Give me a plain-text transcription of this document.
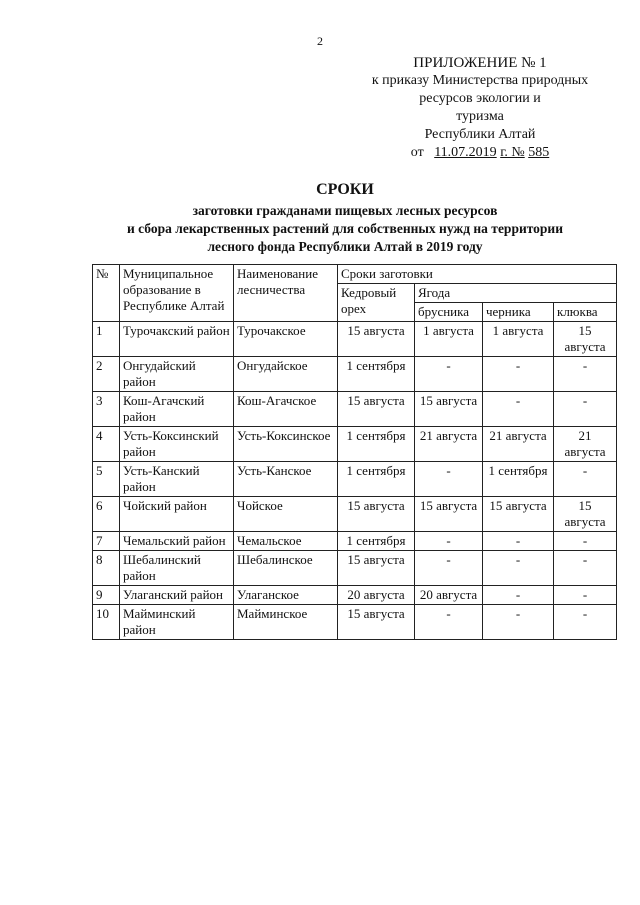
2
ПРИЛОЖЕНИЕ № 1
к приказу Министерства природных
ресурсов экологии и
туризма
Республики Алтай
от 11.07.2019 г. № 585
СРОКИ
заготовки гражданами пищевых лесных ресурсов
и сбора лекарственных растений для собственных нужд на территории
лесного фонда Республики Алтай в 2019 году
№	Муниципальное образование в Республике Алтай	Наименование лесничества	Сроки заготовки			
			Кедровый орех	Ягода		
				брусника	черника	клюква
1	Турочакский район	Турочакское	15 августа	1 августа	1 августа	15 августа
2	Онгудайский район	Онгудайское	1 сентября	-	-	-
3	Кош-Агачский район	Кош-Агачское	15 августа	15 августа	-	-
4	Усть-Коксинский район	Усть-Коксинское	1 сентября	21 августа	21 августа	21 августа
5	Усть-Канский район	Усть-Канское	1 сентября	-	1 сентября	-
6	Чойский район	Чойское	15 августа	15 августа	15 августа	15 августа
7	Чемальский район	Чемальское	1 сентября	-	-	-
8	Шебалинский район	Шебалинское	15 августа	-	-	-
9	Улаганский район	Улаганское	20 августа	20 августа	-	-
10	Майминский район	Майминское	15 августа	-	-	-
